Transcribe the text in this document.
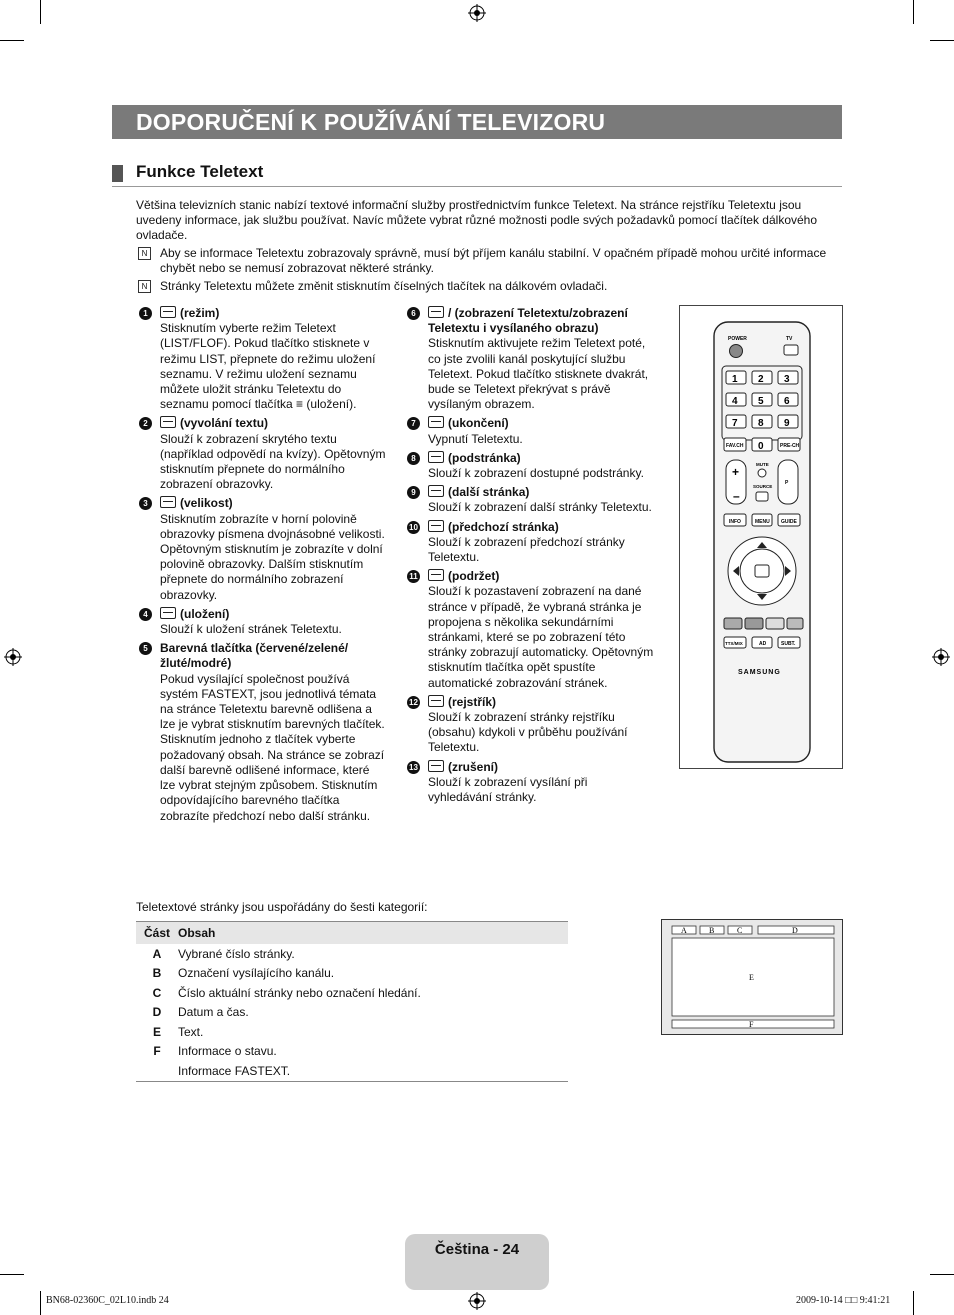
DOPORUČENÍ K POUŽÍVÁNÍ TELEVIZORU
Funkce Teletext
Většina televizních stanic nabízí textové informační služby prostřednictvím funkce Teletext. Na stránce rejstříku Teletextu jsou uvedeny informace, jak službu používat. Navíc můžete vybrat různé možnosti podle svých požadavků pomocí tlačítek dálkového ovladače.
N	Aby se informace Teletextu zobrazovaly správně, musí být příjem kanálu stabilní. V opačném případě mohou určité informace chybět nebo se nemusí zobrazovat některé stránky.
N	Stránky Teletextu můžete změnit stisknutím číselných tlačítek na dálkovém ovladači.
1	(režim)
Stisknutím vyberte režim Teletext (LIST/FLOF). Pokud tlačítko stisknete v režimu LIST, přepnete do režimu uložení seznamu. V režimu uložení seznamu můžete uložit stránku Teletextu do seznamu pomocí tlačítka ≡ (uložení).
2	(vyvolání textu)
Slouží k zobrazení skrytého textu (například odpovědí na kvízy). Opětovným stisknutím přepnete do normálního zobrazení obrazovky.
3	(velikost)
Stisknutím zobrazíte v horní polovině obrazovky písmena dvojnásobné velikosti. Opětovným stisknutím je zobrazíte v dolní polovině obrazovky. Dalším stisknutím přepnete do normálního zobrazení obrazovky.
4	(uložení)
Slouží k uložení stránek Teletextu.
5	Barevná tlačítka (červené/zelené/ žluté/modré)
Pokud vysílající společnost používá systém FASTEXT, jsou jednotlivá témata na stránce Teletextu barevně odlišena a lze je vybrat stisknutím barevných tlačítek. Stisknutím jednoho z tlačítek vyberte požadovaný obsah. Na stránce se zobrazí další barevně odlišené informace, které lze vybrat stejným způsobem. Stisknutím odpovídajícího barevného tlačítka zobrazíte předchozí nebo další stránku.
6	/ (zobrazení Teletextu/zobrazení Teletextu i vysílaného obrazu)
Stisknutím aktivujete režim Teletext poté, co jste zvolili kanál poskytující službu Teletext. Pokud tlačítko stisknete dvakrát, bude se Teletext překrývat s právě vysílaným obrazem.
7	(ukončení)
Vypnutí Teletextu.
8	(podstránka)
Slouží k zobrazení dostupné podstránky.
9	(další stránka)
Slouží k zobrazení další stránky Teletextu.
10	(předchozí stránka)
Slouží k zobrazení předchozí stránky Teletextu.
11	(podržet)
Slouží k pozastavení zobrazení na dané stránce v případě, že vybraná stránka je propojena s několika sekundárními stránkami, které se po zobrazení této stránky zobrazují automaticky. Opětovným stisknutím tlačítka opět spustíte automatické zobrazování stránek.
12	(rejstřík)
Slouží k zobrazení stránky rejstříku (obsahu) kdykoli v průběhu používání Teletextu.
13	(zrušení)
Slouží k zobrazení vysílání při vyhledávání stránky.
POWER	TV
1 2 3
4 5 6
7 8 9
FAV.CH 0	PRE-CH
+
–
P
MUTE
SOURCE
INFO	MENU GUIDE
TTX/MIX	AD	SUBT.
SAMSUNG
Teletextové stránky jsou uspořádány do šesti kategorií:
Část	Obsah
A	Vybrané číslo stránky.
B	Označení vysílajícího kanálu.
C	Číslo aktuální stránky nebo označení hledání.
D	Datum a čas.
E	Text.
F	Informace o stavu.
	Informace FASTEXT.
A	B	C	D
E
F
Čeština - 24
BN68-02360C_02L10.indb 24	2009-10-14 □□ 9:41:21
